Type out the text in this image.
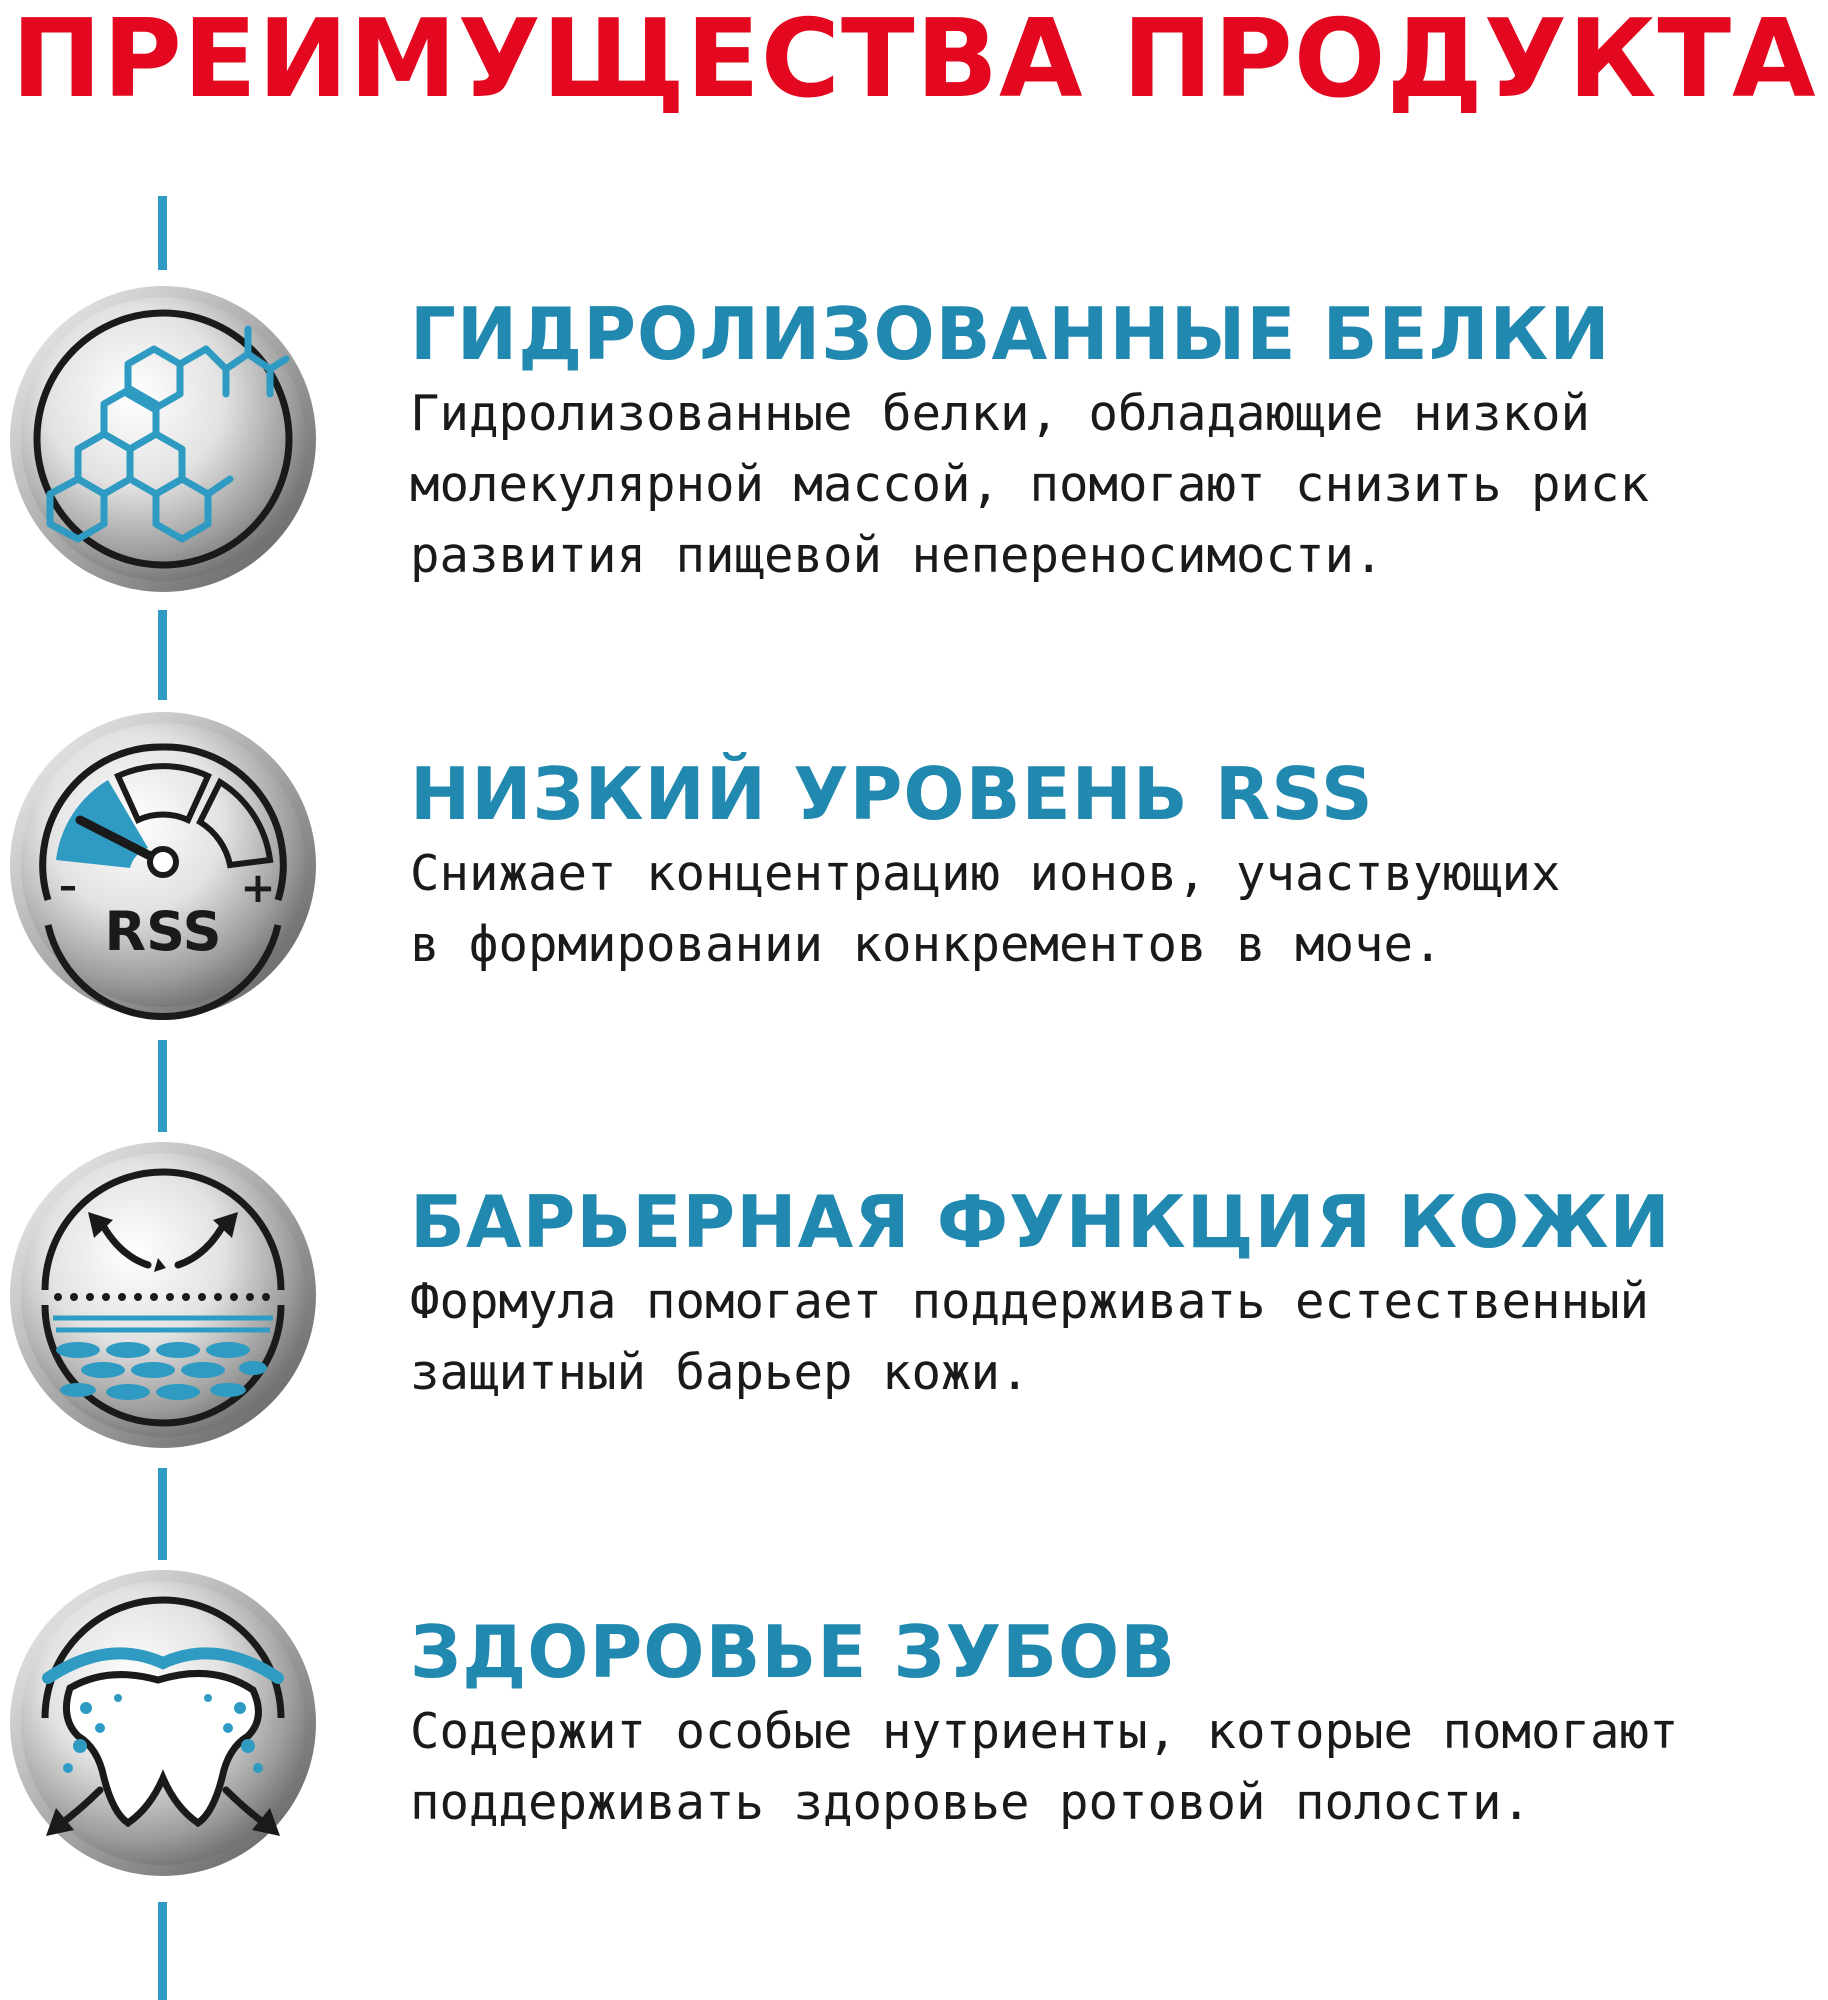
ПРЕИМУЩЕСТВА ПРОДУКТА
ГИДРОЛИЗОВАННЫЕ БЕЛКИ

Гидролизованные белки, обладающие низкой
молекулярной массой, помогают снизить риск
развития пищевой непереносимости.

–	+
RSS
НИЗКИЙ УРОВЕНЬ RSS

Снижает концентрацию ионов, участвующих
в формировании конкрементов в моче.

БАРЬЕРНАЯ ФУНКЦИЯ КОЖИ

Формула помогает поддерживать естественный
защитный барьер кожи.

ЗДОРОВЬЕ ЗУБОВ

Содержит особые нутриенты, которые помогают
поддерживать здоровье ротовой полости.
